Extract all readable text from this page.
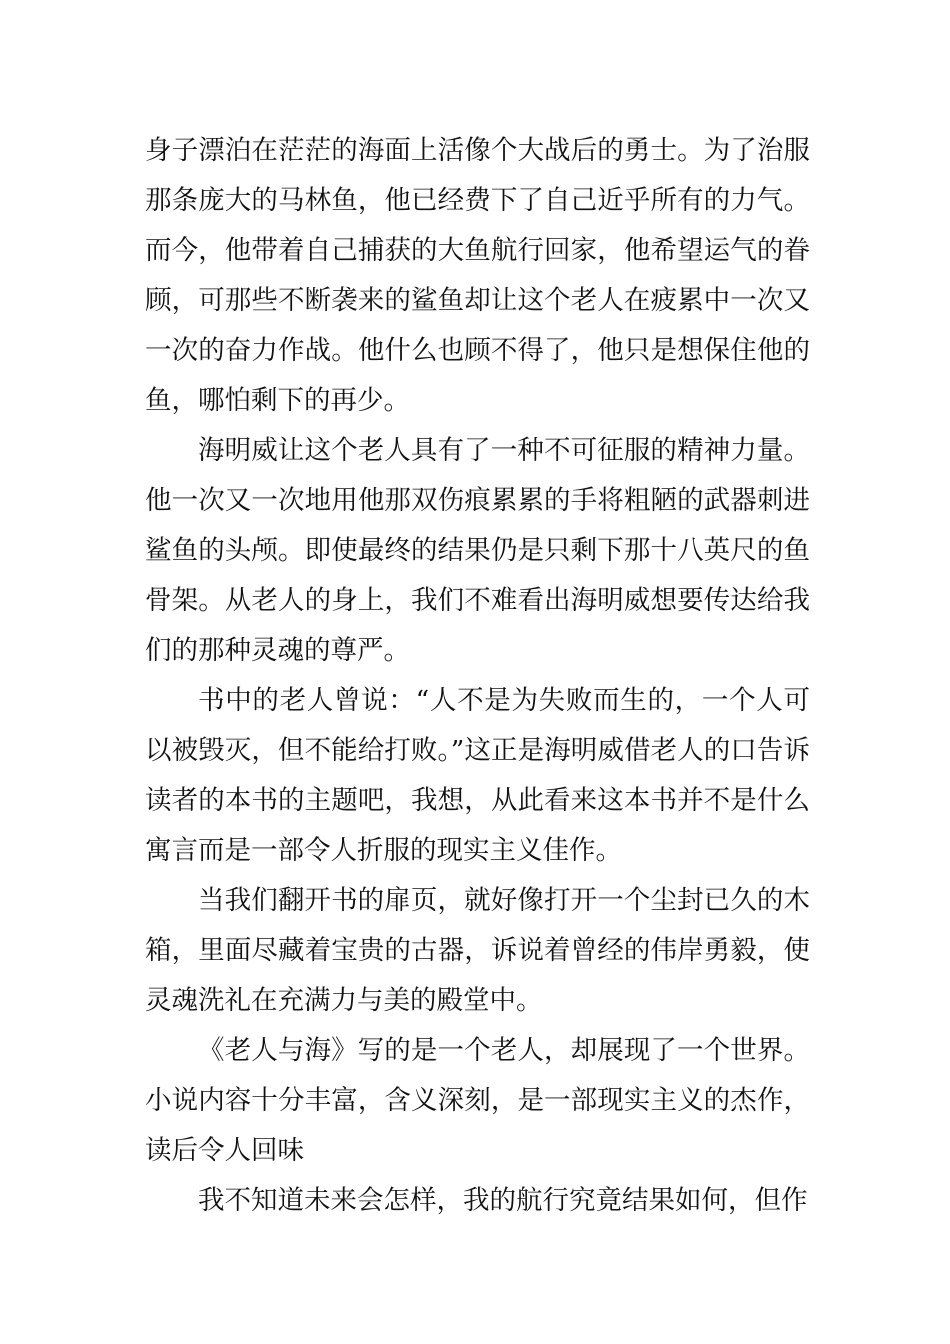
身子漂泊在茫茫的海面上活像个大战后的勇士。为了治服那条庞大的马林鱼，他已经费下了自己近乎所有的力气。而今，他带着自己捕获的大鱼航行回家，他希望运气的眷顾，可那些不断袭来的鲨鱼却让这个老人在疲累中一次又一次的奋力作战。他什么也顾不得了，他只是想保住他的鱼，哪怕剩下的再少。

海明威让这个老人具有了一种不可征服的精神力量。他一次又一次地用他那双伤痕累累的手将粗陋的武器刺进鲨鱼的头颅。即使最终的结果仍是只剩下那十八英尺的鱼骨架。从老人的身上，我们不难看出海明威想要传达给我们的那种灵魂的尊严。

书中的老人曾说：“人不是为失败而生的，一个人可以被毁灭，但不能给打败。”这正是海明威借老人的口告诉读者的本书的主题吧，我想，从此看来这本书并不是什么寓言而是一部令人折服的现实主义佳作。

当我们翻开书的扉页，就好像打开一个尘封已久的木箱，里面尽藏着宝贵的古器，诉说着曾经的伟岸勇毅，使灵魂洗礼在充满力与美的殿堂中。

《老人与海》写的是一个老人，却展现了一个世界。小说内容十分丰富，含义深刻，是一部现实主义的杰作，读后令人回味

我不知道未来会怎样，我的航行究竟结果如何，但作
